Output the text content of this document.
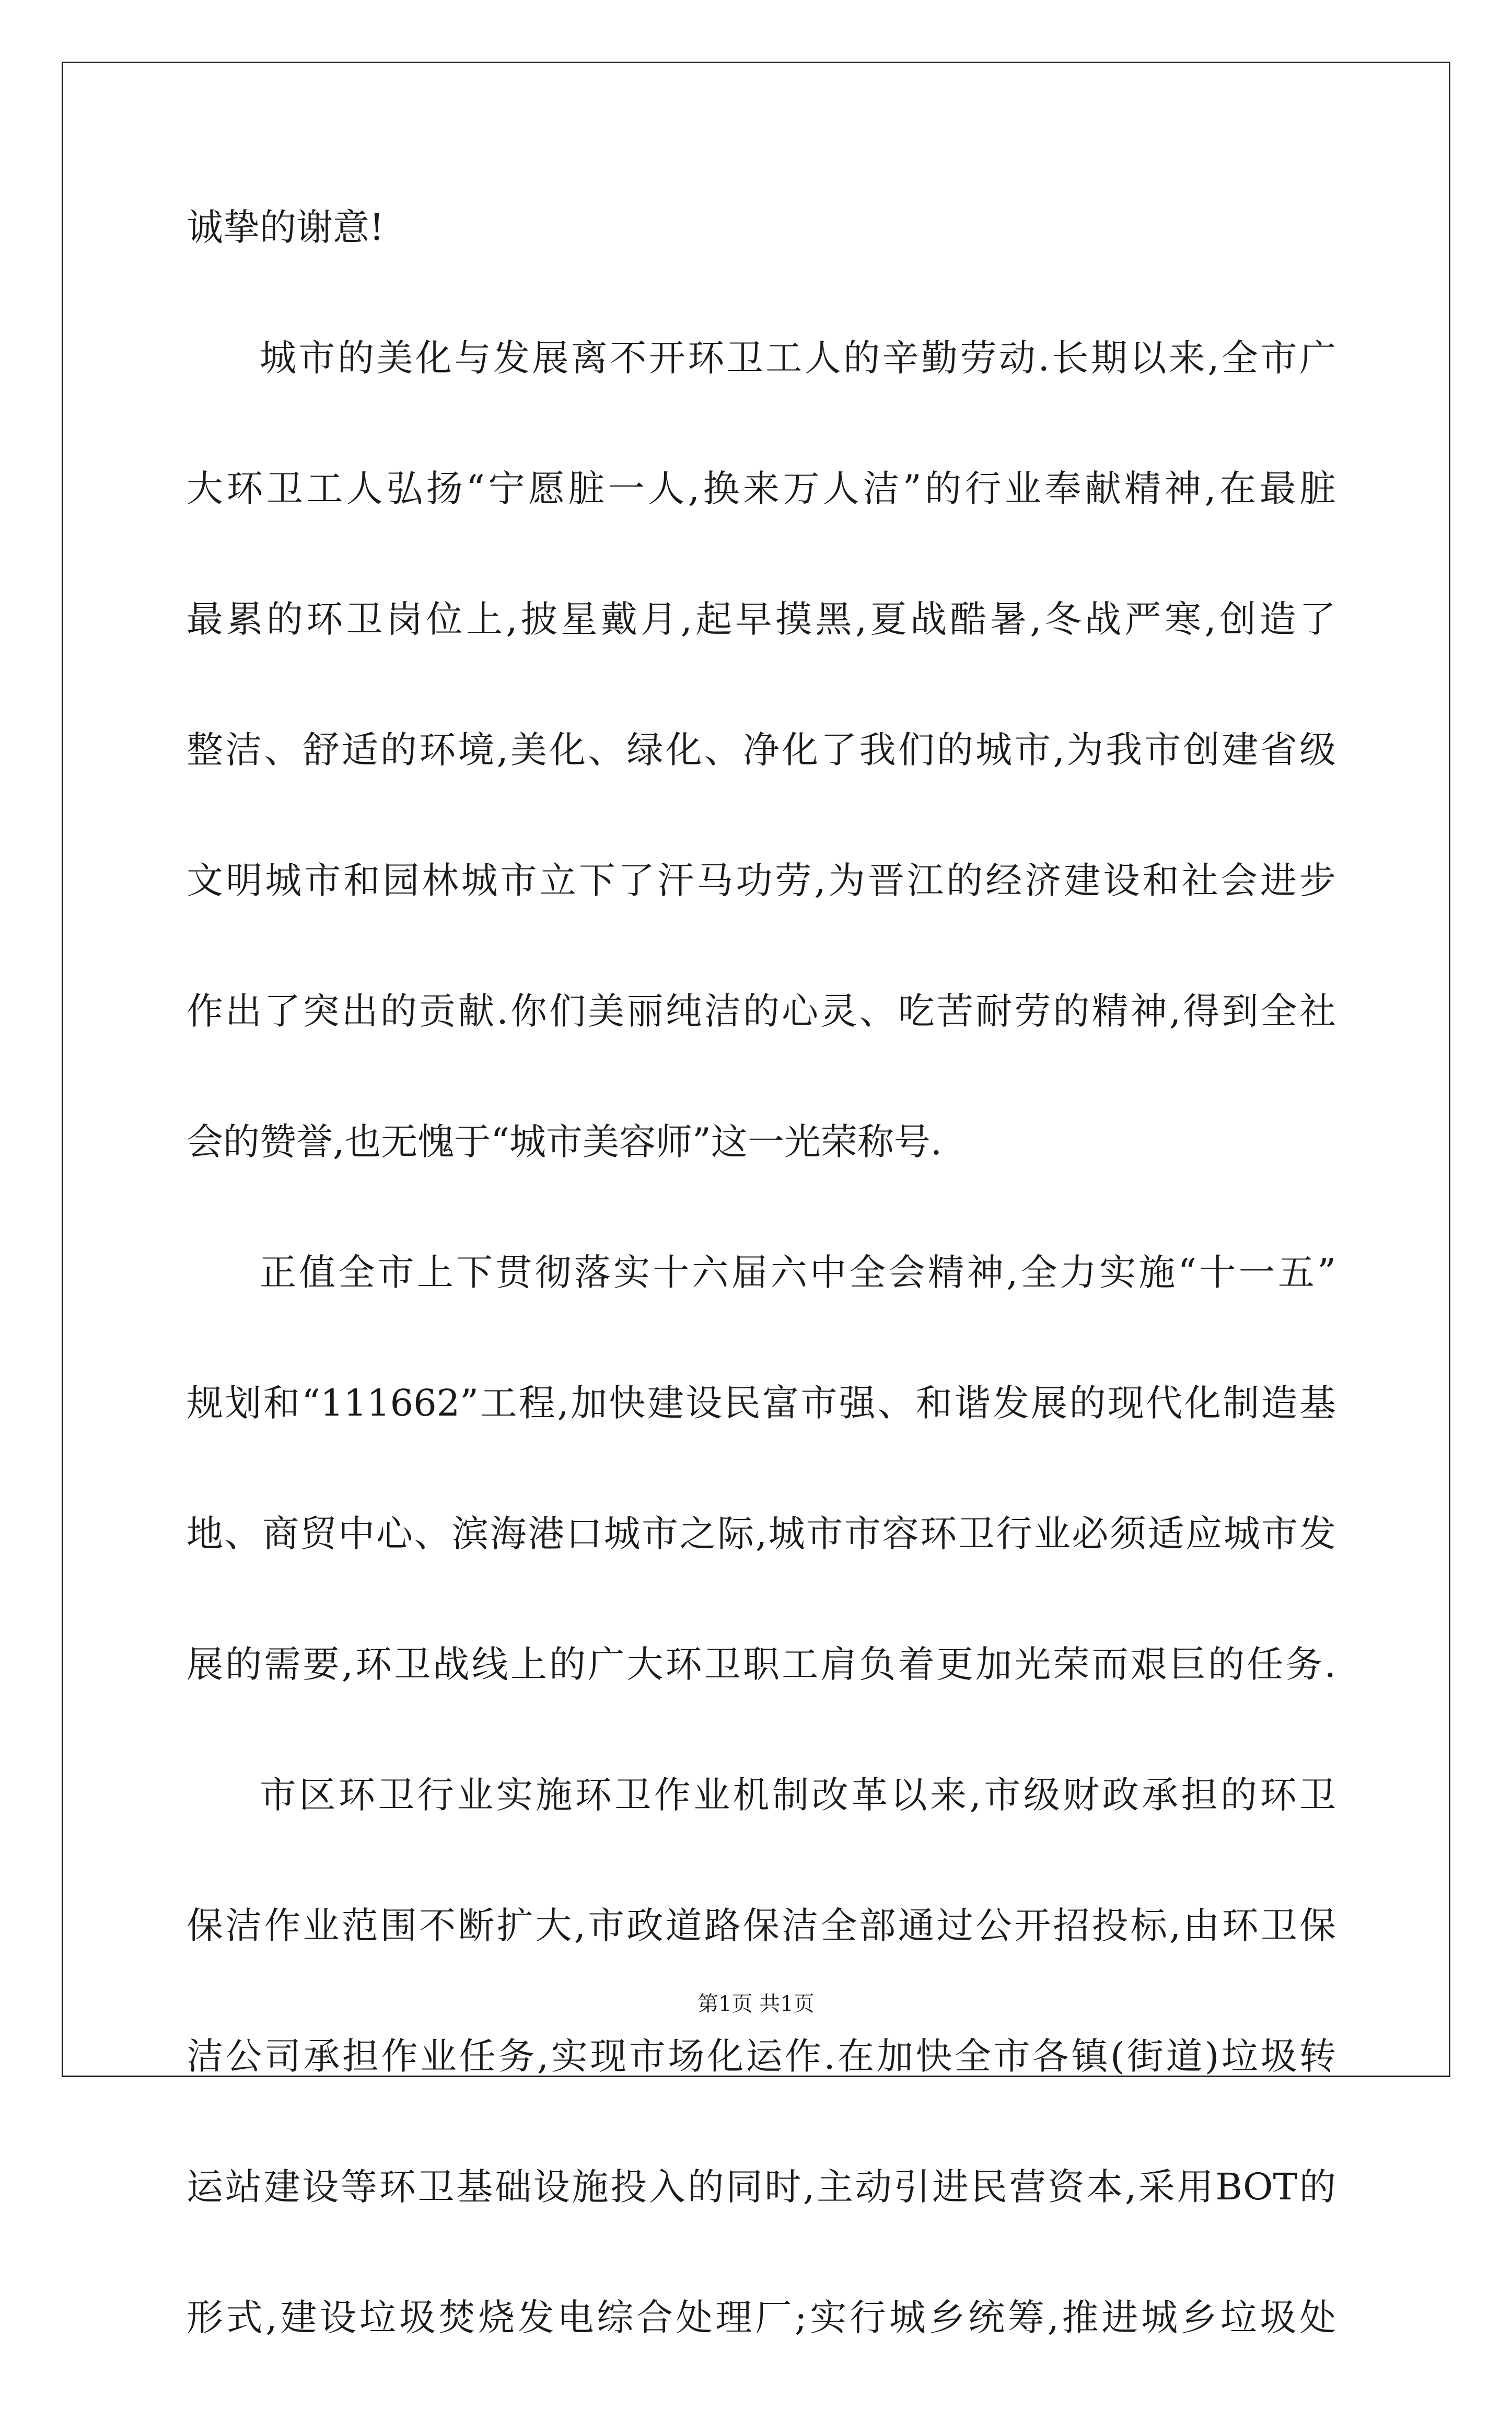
诚挚的谢意!
城市的美化与发展离不开环卫工人的辛勤劳动.长期以来,全市广
大环卫工人弘扬“宁愿脏一人,换来万人洁”的行业奉献精神,在最脏
最累的环卫岗位上,披星戴月,起早摸黑,夏战酷暑,冬战严寒,创造了
整洁、舒适的环境,美化、绿化、净化了我们的城市,为我市创建省级
文明城市和园林城市立下了汗马功劳,为晋江的经济建设和社会进步
作出了突出的贡献.你们美丽纯洁的心灵、吃苦耐劳的精神,得到全社
会的赞誉,也无愧于“城市美容师”这一光荣称号.
正值全市上下贯彻落实十六届六中全会精神,全力实施“十一五”
规划和“111662”工程,加快建设民富市强、和谐发展的现代化制造基
地、商贸中心、滨海港口城市之际,城市市容环卫行业必须适应城市发
展的需要,环卫战线上的广大环卫职工肩负着更加光荣而艰巨的任务.
市区环卫行业实施环卫作业机制改革以来,市级财政承担的环卫
保洁作业范围不断扩大,市政道路保洁全部通过公开招投标,由环卫保
洁公司承担作业任务,实现市场化运作.在加快全市各镇(街道)垃圾转
运站建设等环卫基础设施投入的同时,主动引进民营资本,采用BOT的
形式,建设垃圾焚烧发电综合处理厂;实行城乡统筹,推进城乡垃圾处
第1页 共1页
